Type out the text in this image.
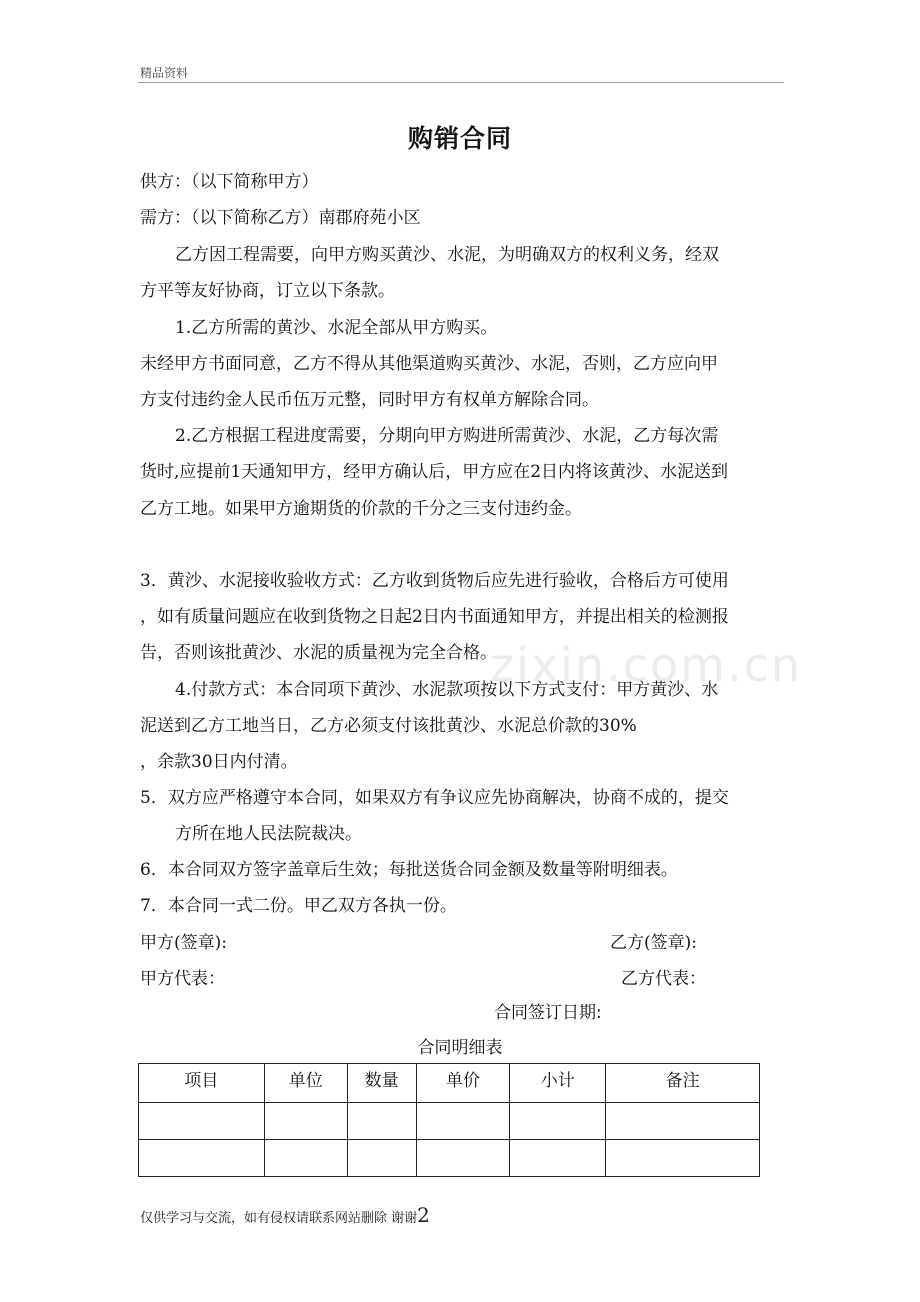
精品资料
购销合同
供方：（以下简称甲方）
需方：（以下简称乙方）南郡府苑小区
乙方因工程需要，向甲方购买黄沙、水泥，为明确双方的权利义务，经双
方平等友好协商，订立以下条款。
1.乙方所需的黄沙、水泥全部从甲方购买。
未经甲方书面同意，乙方不得从其他渠道购买黄沙、水泥，否则，乙方应向甲
方支付违约金人民币伍万元整，同时甲方有权单方解除合同。
2.乙方根据工程进度需要，分期向甲方购进所需黄沙、水泥，乙方每次需
货时,应提前1天通知甲方，经甲方确认后，甲方应在2日内将该黄沙、水泥送到
乙方工地。如果甲方逾期货的价款的千分之三支付违约金。
3．黄沙、水泥接收验收方式：乙方收到货物后应先进行验收，合格后方可使用
，如有质量问题应在收到货物之日起2日内书面通知甲方，并提出相关的检测报
告，否则该批黄沙、水泥的质量视为完全合格。
zixin.com.cn
4.付款方式：本合同项下黄沙、水泥款项按以下方式支付：甲方黄沙、水
泥送到乙方工地当日，乙方必须支付该批黄沙、水泥总价款的30%
，余款30日内付清。
5．双方应严格遵守本合同，如果双方有争议应先协商解决，协商不成的，提交
方所在地人民法院裁决。
6．本合同双方签字盖章后生效；每批送货合同金额及数量等附明细表。
7．本合同一式二份。甲乙双方各执一份。
甲方(签章):	乙方(签章):
甲方代表：	乙方代表：
合同签订日期:
合同明细表
项目	单位	数量	单价	小计	备注

仅供学习与交流，如有侵权请联系网站删除 谢谢2
